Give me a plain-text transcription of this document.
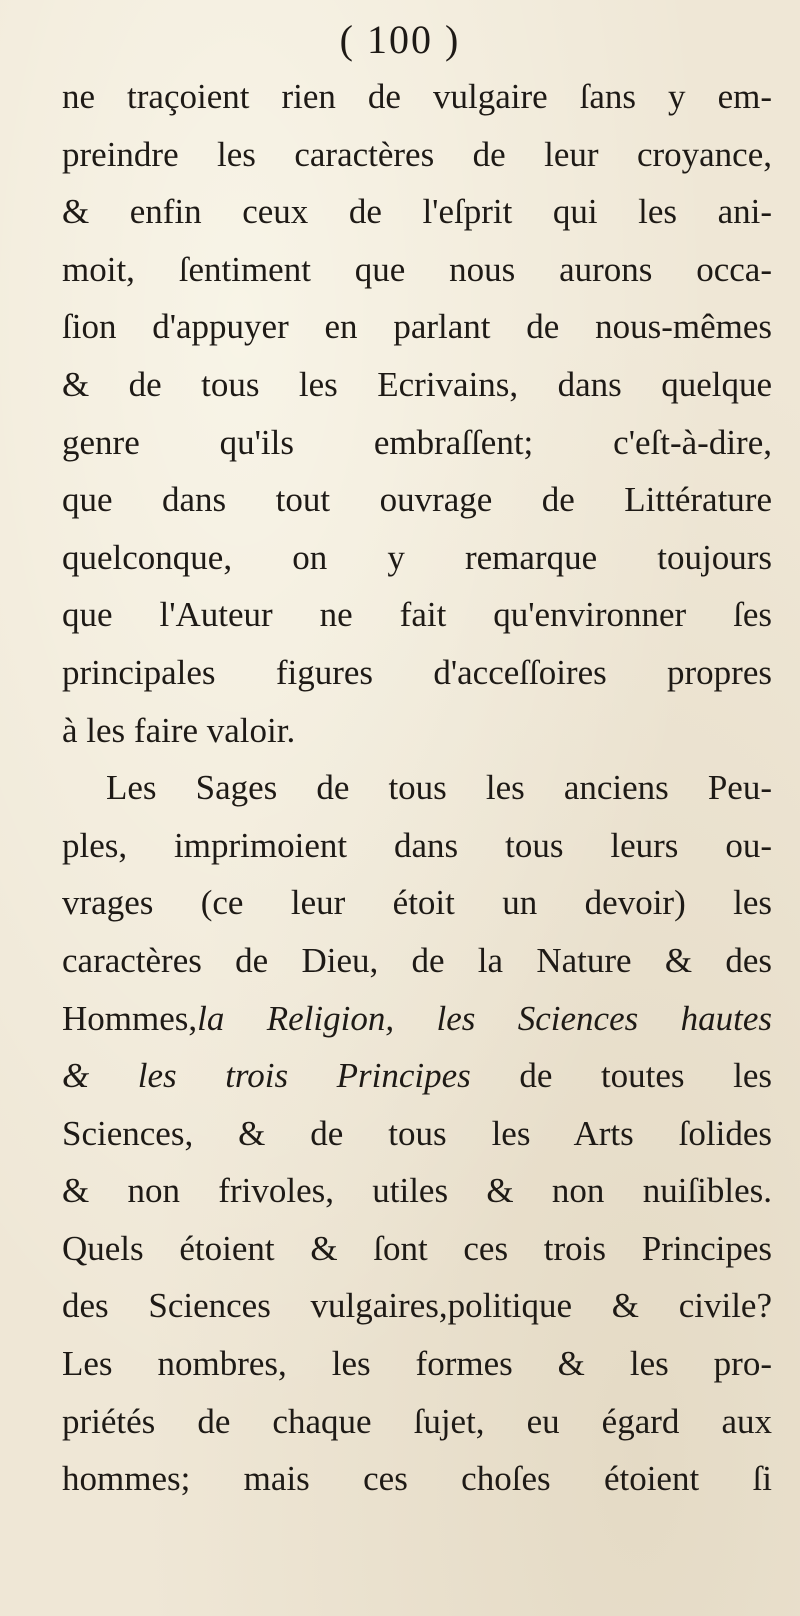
( 100 )
ne traçoient rien de vulgaire ſans y em-
preindre les caractères de leur croyance,
& enfin ceux de l'eſprit qui les ani-
moit, ſentiment que nous aurons occa-
ſion d'appuyer en parlant de nous-mêmes
& de tous les Ecrivains, dans quelque
genre qu'ils embraſſent; c'eſt-à-dire,
que dans tout ouvrage de Littérature
quelconque, on y remarque toujours
que l'Auteur ne fait qu'environner ſes
principales figures d'acceſſoires propres
à les faire valoir.
Les Sages de tous les anciens Peu-
ples, imprimoient dans tous leurs ou-
vrages (ce leur étoit un devoir) les
caractères de Dieu, de la Nature & des
Hommes,la Religion, les Sciences hautes
& les trois Principes de toutes les
Sciences, & de tous les Arts ſolides
& non frivoles, utiles & non nuiſibles.
Quels étoient & ſont ces trois Principes
des Sciences vulgaires,politique & civile?
Les nombres, les formes & les pro-
priétés de chaque ſujet, eu égard aux
hommes; mais ces choſes étoient ſi
